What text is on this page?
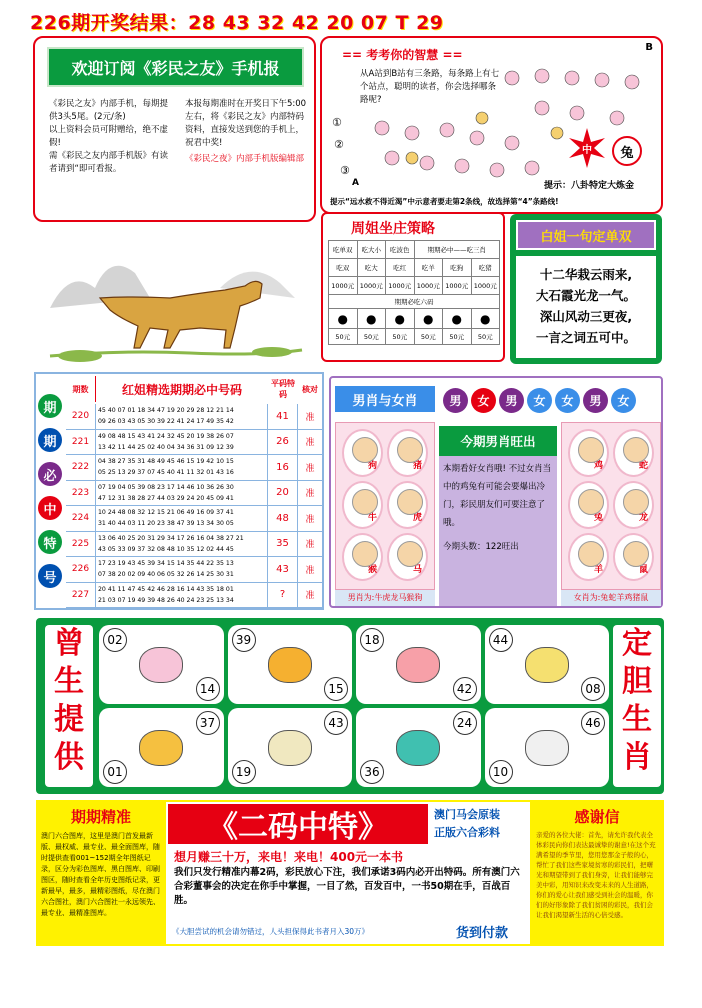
226期开奖结果：28 43 32 42 20 07 T 29
欢迎订阅《彩民之友》手机报
《彩民之友》内部手机，每期提供3头5尾。(2元/条)
以上资料会员可附赠给，绝不虚假!
需《彩民之友内部手机版》有读者请到“即可看报。
本报每期准时在开奖日下午5:00左右，将《彩民之友》内部特码资料，直接发送到您的手机上，祝君中奖!
《彩民之夜》内部手机版编辑部
== 考考你的智慧 ==
B
从A站到B站有三条路，每条路上有七个站点，聪明的读者，你会选择哪条路呢?
①
②
③
A
中	兔
提示：八卦特定大炼金
提示“远水救不得近渴”中示意者要走第2条线，故选择第“4”条路线!
周姐坐庄策略
吃单双	吃大小	吃波色	期期必中——吃三肖		
吃双	吃大	吃红	吃羊	吃狗	吃猪
1000元	1000元	1000元	1000元	1000元	1000元
期期必吃六码					
●	●	●	●	●	●
50元	50元	50元	50元	50元	50元
白姐一句定单双
十二华栽云雨来,
大石霞光龙一气。
深山风动三更夜,
一言之词五可中。
期
期
必
中
特
号
期数	红姐精选期期必中号码	平码特码
核对
220
45 40 07 01 18 34 47 19 20 29 28 12 21 14
09 26 03 43 05 30 39 22 41 24 17 49 35 42	41	准
221
49 08 48 15 43 41 24 32 45 20 19 38 26 07
13 42 11 44 25 02 40 04 34 36 31 09 12 39	26	准
222
04 38 27 35 31 48 49 45 46 15 19 42 10 15
05 25 13 29 37 07 45 40 41 11 32 01 43 16	16	准
223
07 19 04 05 39 08 23 17 14 46 10 36 26 30
47 12 31 38 28 27 44 03 29 24 20 45 09 41	20	准
224
10 24 48 08 32 12 15 21 06 49 16 09 37 41
31 40 44 03 11 20 23 38 47 39 13 34 30 05	48	准
225
13 06 40 25 20 31 29 34 17 26 16 04 38 27 21
43 05 33 09 37 32 08 48 10 35 12 02 44 45	35	准
226
17 23 19 43 45 39 34 15 14 35 44 22 35 13
07 38 20 02 09 40 06 05 32 26 14 25 30 31	43	准
227
20 41 11 47 45 42 46 28 16 14 43 35 18 01
21 03 07 19 49 39 48 26 40 24 23 25 13 34	?	准
男肖与女肖	男	女	男	女	女	男	女
狗	猪
牛	虎
猴	马
男肖为:牛虎龙马猴狗
今期男肖旺出
本期看好女肖哦! 不过女肖当中的鸡兔有可能会要爆出冷门，彩民朋友们可要注意了哦。
今期头数：122旺出
鸡	蛇
兔	龙
羊	鼠
女肖为:兔蛇羊鸡猪鼠
曾
生
提
供
02
14
39
15
18
42
44
08
37
01
43
19
24
36
46
10
定
胆
生
肖
期期精准
澳门六合图库，这里是澳门首发最新版、最权威、最专业、最全面图库，随时提供查看001~152期全年图纸记录，区分为彩色图库、黑白图库、印刷图区，随时查看全年历史图纸记录，更新最早，最多，最精彩图纸，尽在澳门六合图社，澳门六合图社一永远领先、最专业、最精准图库。
《二码中特》	澳门马会原装
正版六合彩料
想月赚三十万，来电！来电！400元一本书
我们只发行精准内幕2码，彩民放心下注，我们承诺3码内必开出特码。所有澳门六合彩董事会的决定在你手中掌握，一目了然，百发百中，一书50期在手，百战百胜。
《大胆尝试的机会请勿错过，人头担保得此书者月入30万》	货到付款
感谢信
亲爱的各位大佬：首先，请允许我代表全体彩民向你们表达最诚挚的谢意!在这个充满希望的季节里，您用您那金子般的心，帮忙了我们这些家境贫寒的彩民们，把曙光和期望带到了我们身旁，让我们能够完美中彩，用知识来改变未来的人生道路，你们的爱心让我们感受到社会的温暖，你们的好形象除了我们贫困的彩民，我们会让我们渴望新生活的心倍受感。
